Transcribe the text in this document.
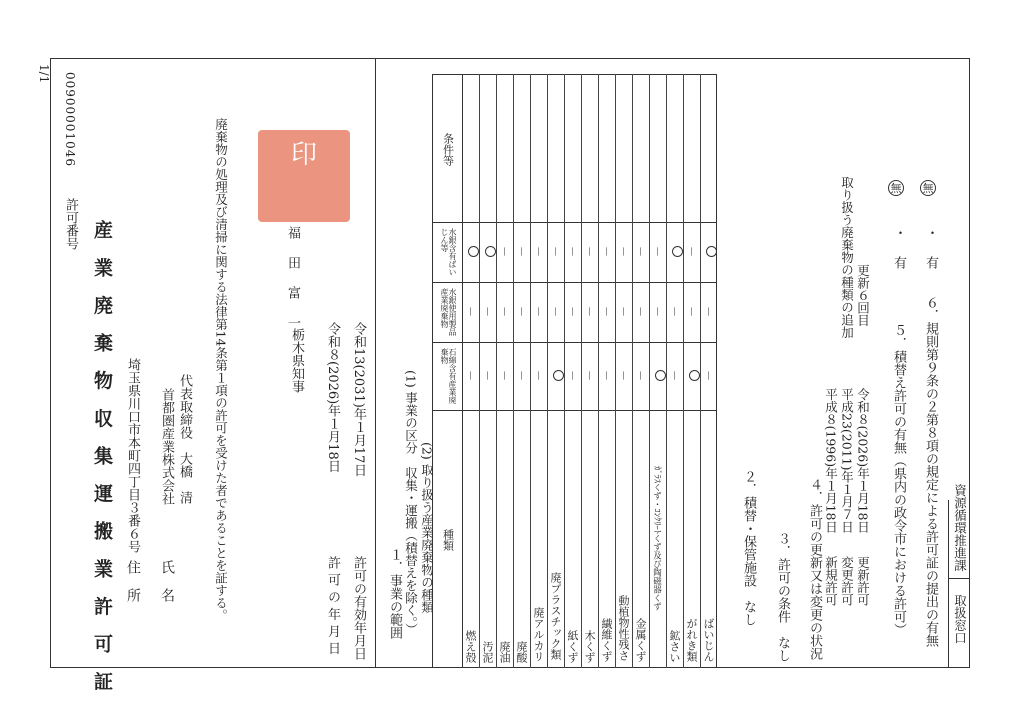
1/1
許可番号
00900001046
産 業 廃 棄 物 収 集 運 搬 業 許 可 証 住　所
埼玉県川口市本町四丁目３番６号
氏　名
首都圏産業株式会社 代表取締役　大橋　清 廃棄物の処理及び清掃に関する法律第14条第１項の許可を受けた者であることを証する。	印
福　田　富　一
栃木県知事
許 可 の 年 月 日
令和８(2026)年１月18日
許可の有効年月日
令和13(2031)年１月17日
１．事業の範囲 (1) 事業の区分　収集・運搬（積替えを除く。） (2) 取り扱う産業廃棄物の種類
条件等
水銀含有ばいじん等
水銀使用製品産業廃棄物
石綿含有産業廃棄物
種類
－
－
燃え殻
－
－
汚泥
－
－
－
廃油
－
－
－
廃酸
－
－
－
廃アルカリ
－
－
廃プラスチック類
－
－
－
紙くず
－
－
－
木くず
－
－
－
繊維くず
－
－
－
動植物性残さ
－
－
－
金属くず
－
－
ｶﾞﾗｽくず・ｺﾝｸﾘｰﾄくず及び陶磁器くず
－
－
鉱さい
－
－
がれき類
－
－
ばいじん
２．積替・保管施設　なし ３．許可の条件　なし ４．許可の更新又は変更の状況 新規許可
平成８(1996)年１月18日
変更許可
平成23(2011)年１月７日
取り扱う廃棄物の種類の追加
更新許可
令和８(2026)年１月18日
更新６回目
５．積替え許可の有無（県内の政令市における許可）
有
・
無
６．規則第９条の２第８項の規定による許可証の提出の有無
有
・
無
取扱窓口
資源循環推進課
